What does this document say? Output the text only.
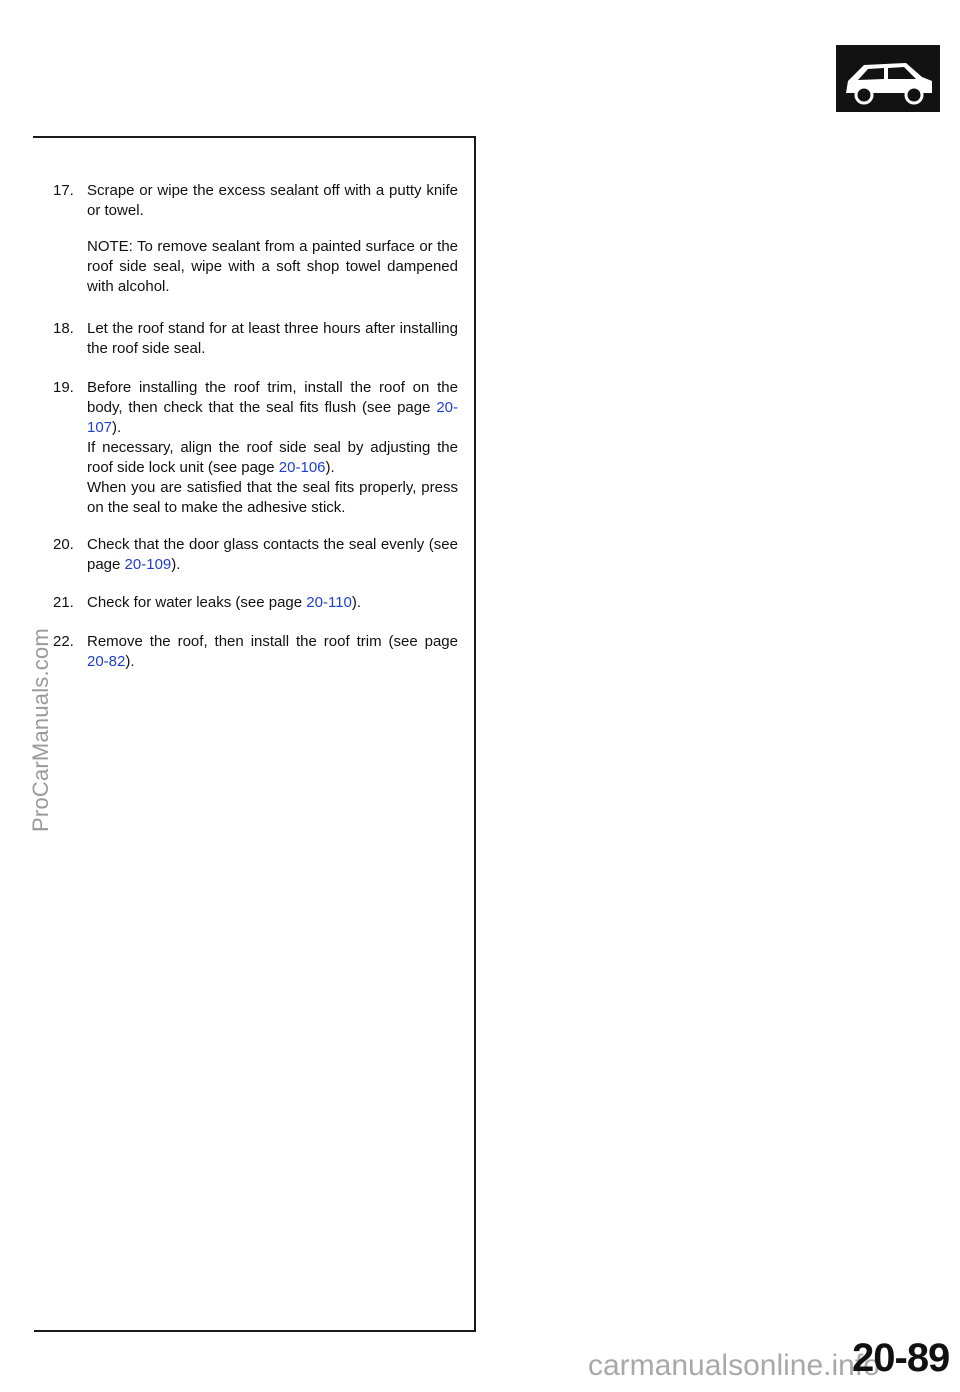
17. Scrape or wipe the excess sealant off with a putty knife or towel.

NOTE: To remove sealant from a painted surface or the roof side seal, wipe with a soft shop towel dampened with alcohol.

18. Let the roof stand for at least three hours after installing the roof side seal.

19. Before installing the roof trim, install the roof on the body, then check that the seal fits flush (see page 20-107).

If necessary, align the roof side seal by adjusting the roof side lock unit (see page 20-106).

When you are satisfied that the seal fits properly, press on the seal to make the adhesive stick.

20. Check that the door glass contacts the seal evenly (see page 20-109).

21. Check for water leaks (see page 20-110).

22. Remove the roof, then install the roof trim (see page 20-82).

ProCarManuals.com
carmanualsonline.info
20-89
